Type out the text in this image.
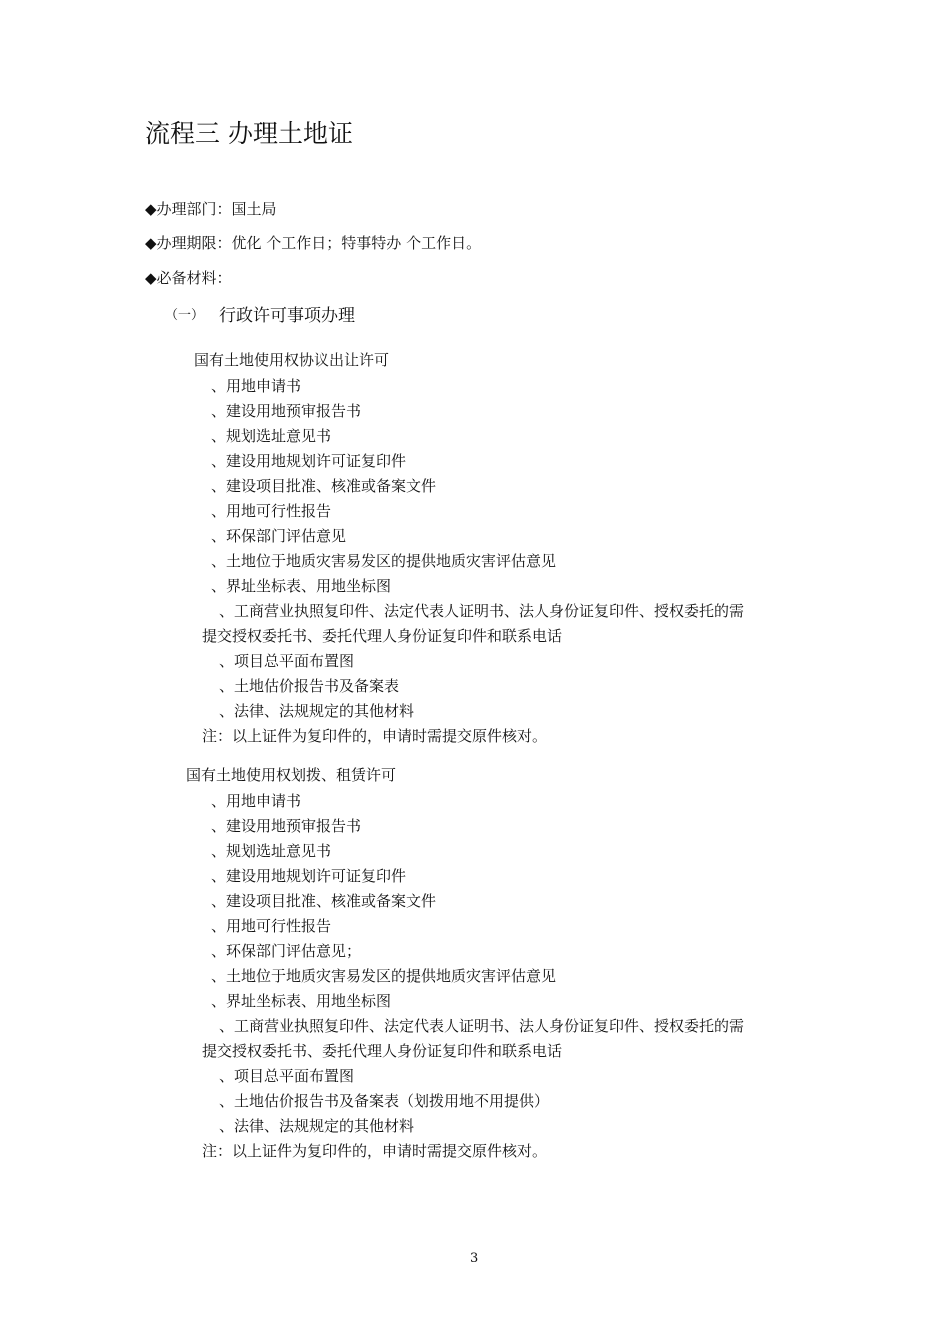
流程三 办理土地证
◆办理部门：国土局
◆办理期限：优化 个工作日；特事特办 个工作日。
◆必备材料：
（一） 行政许可事项办理
国有土地使用权协议出让许可
、用地申请书
、建设用地预审报告书
、规划选址意见书
、建设用地规划许可证复印件
、建设项目批准、核准或备案文件
、用地可行性报告
、环保部门评估意见
、土地位于地质灾害易发区的提供地质灾害评估意见
、界址坐标表、用地坐标图
、工商营业执照复印件、法定代表人证明书、法人身份证复印件、授权委托的需
提交授权委托书、委托代理人身份证复印件和联系电话
、项目总平面布置图
、土地估价报告书及备案表
、法律、法规规定的其他材料
注：以上证件为复印件的，申请时需提交原件核对。
国有土地使用权划拨、租赁许可
、用地申请书
、建设用地预审报告书
、规划选址意见书
、建设用地规划许可证复印件
、建设项目批准、核准或备案文件
、用地可行性报告
、环保部门评估意见；
、土地位于地质灾害易发区的提供地质灾害评估意见
、界址坐标表、用地坐标图
、工商营业执照复印件、法定代表人证明书、法人身份证复印件、授权委托的需
提交授权委托书、委托代理人身份证复印件和联系电话
、项目总平面布置图
、土地估价报告书及备案表（划拨用地不用提供）
、法律、法规规定的其他材料
注：以上证件为复印件的，申请时需提交原件核对。
3
